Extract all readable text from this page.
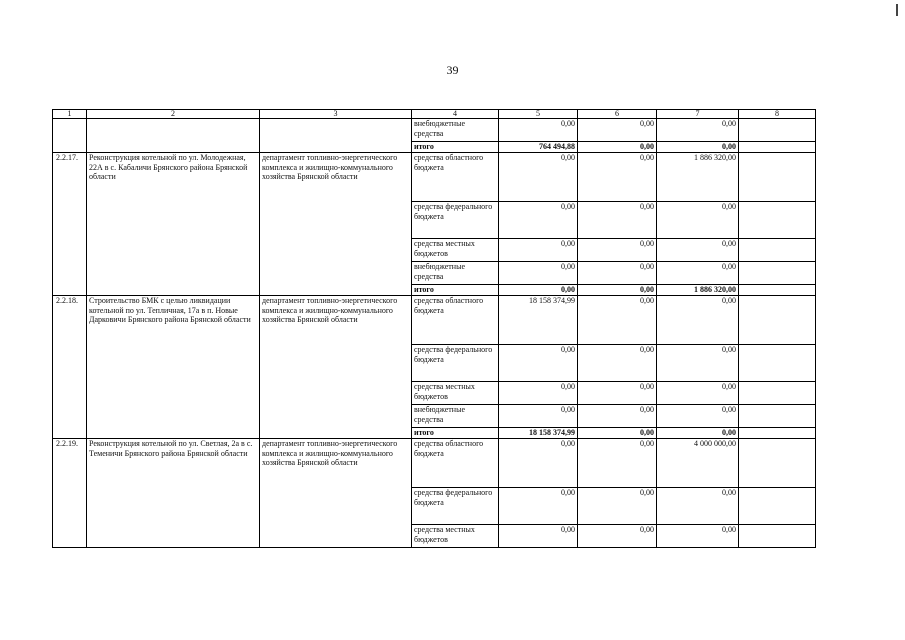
39
1	2	3	4	5	6	7	8
			внебюджетные средства	0,00	0,00	0,00	
			итого	764 494,88	0,00	0,00	
2.2.17.	Реконструкция котельной по ул. Молодежная, 22А в с. Кабаличи Брянского района Брянской области	департамент топливно-энергетического комплекса и жилищно-коммунального хозяйства Брянской области	средства областного бюджета	0,00	0,00	1 886 320,00	
			средства федерального бюджета	0,00	0,00	0,00	
			средства местных бюджетов	0,00	0,00	0,00	
			внебюджетные средства	0,00	0,00	0,00	
			итого	0,00	0,00	1 886 320,00	
2.2.18.	Строительство БМК с целью ликвидации котельной по ул. Тепличная, 17а в п. Новые Дарковичи Брянского района Брянской области	департамент топливно-энергетического комплекса и жилищно-коммунального хозяйства Брянской области	средства областного бюджета	18 158 374,99	0,00	0,00	
			средства федерального бюджета	0,00	0,00	0,00	
			средства местных бюджетов	0,00	0,00	0,00	
			внебюджетные средства	0,00	0,00	0,00	
			итого	18 158 374,99	0,00	0,00	
2.2.19.	Реконструкция котельной по ул. Светлая, 2а в с. Теменичи Брянского района Брянской области	департамент топливно-энергетического комплекса и жилищно-коммунального хозяйства Брянской области	средства областного бюджета	0,00	0,00	4 000 000,00	
			средства федерального бюджета	0,00	0,00	0,00	
			средства местных бюджетов	0,00	0,00	0,00	
